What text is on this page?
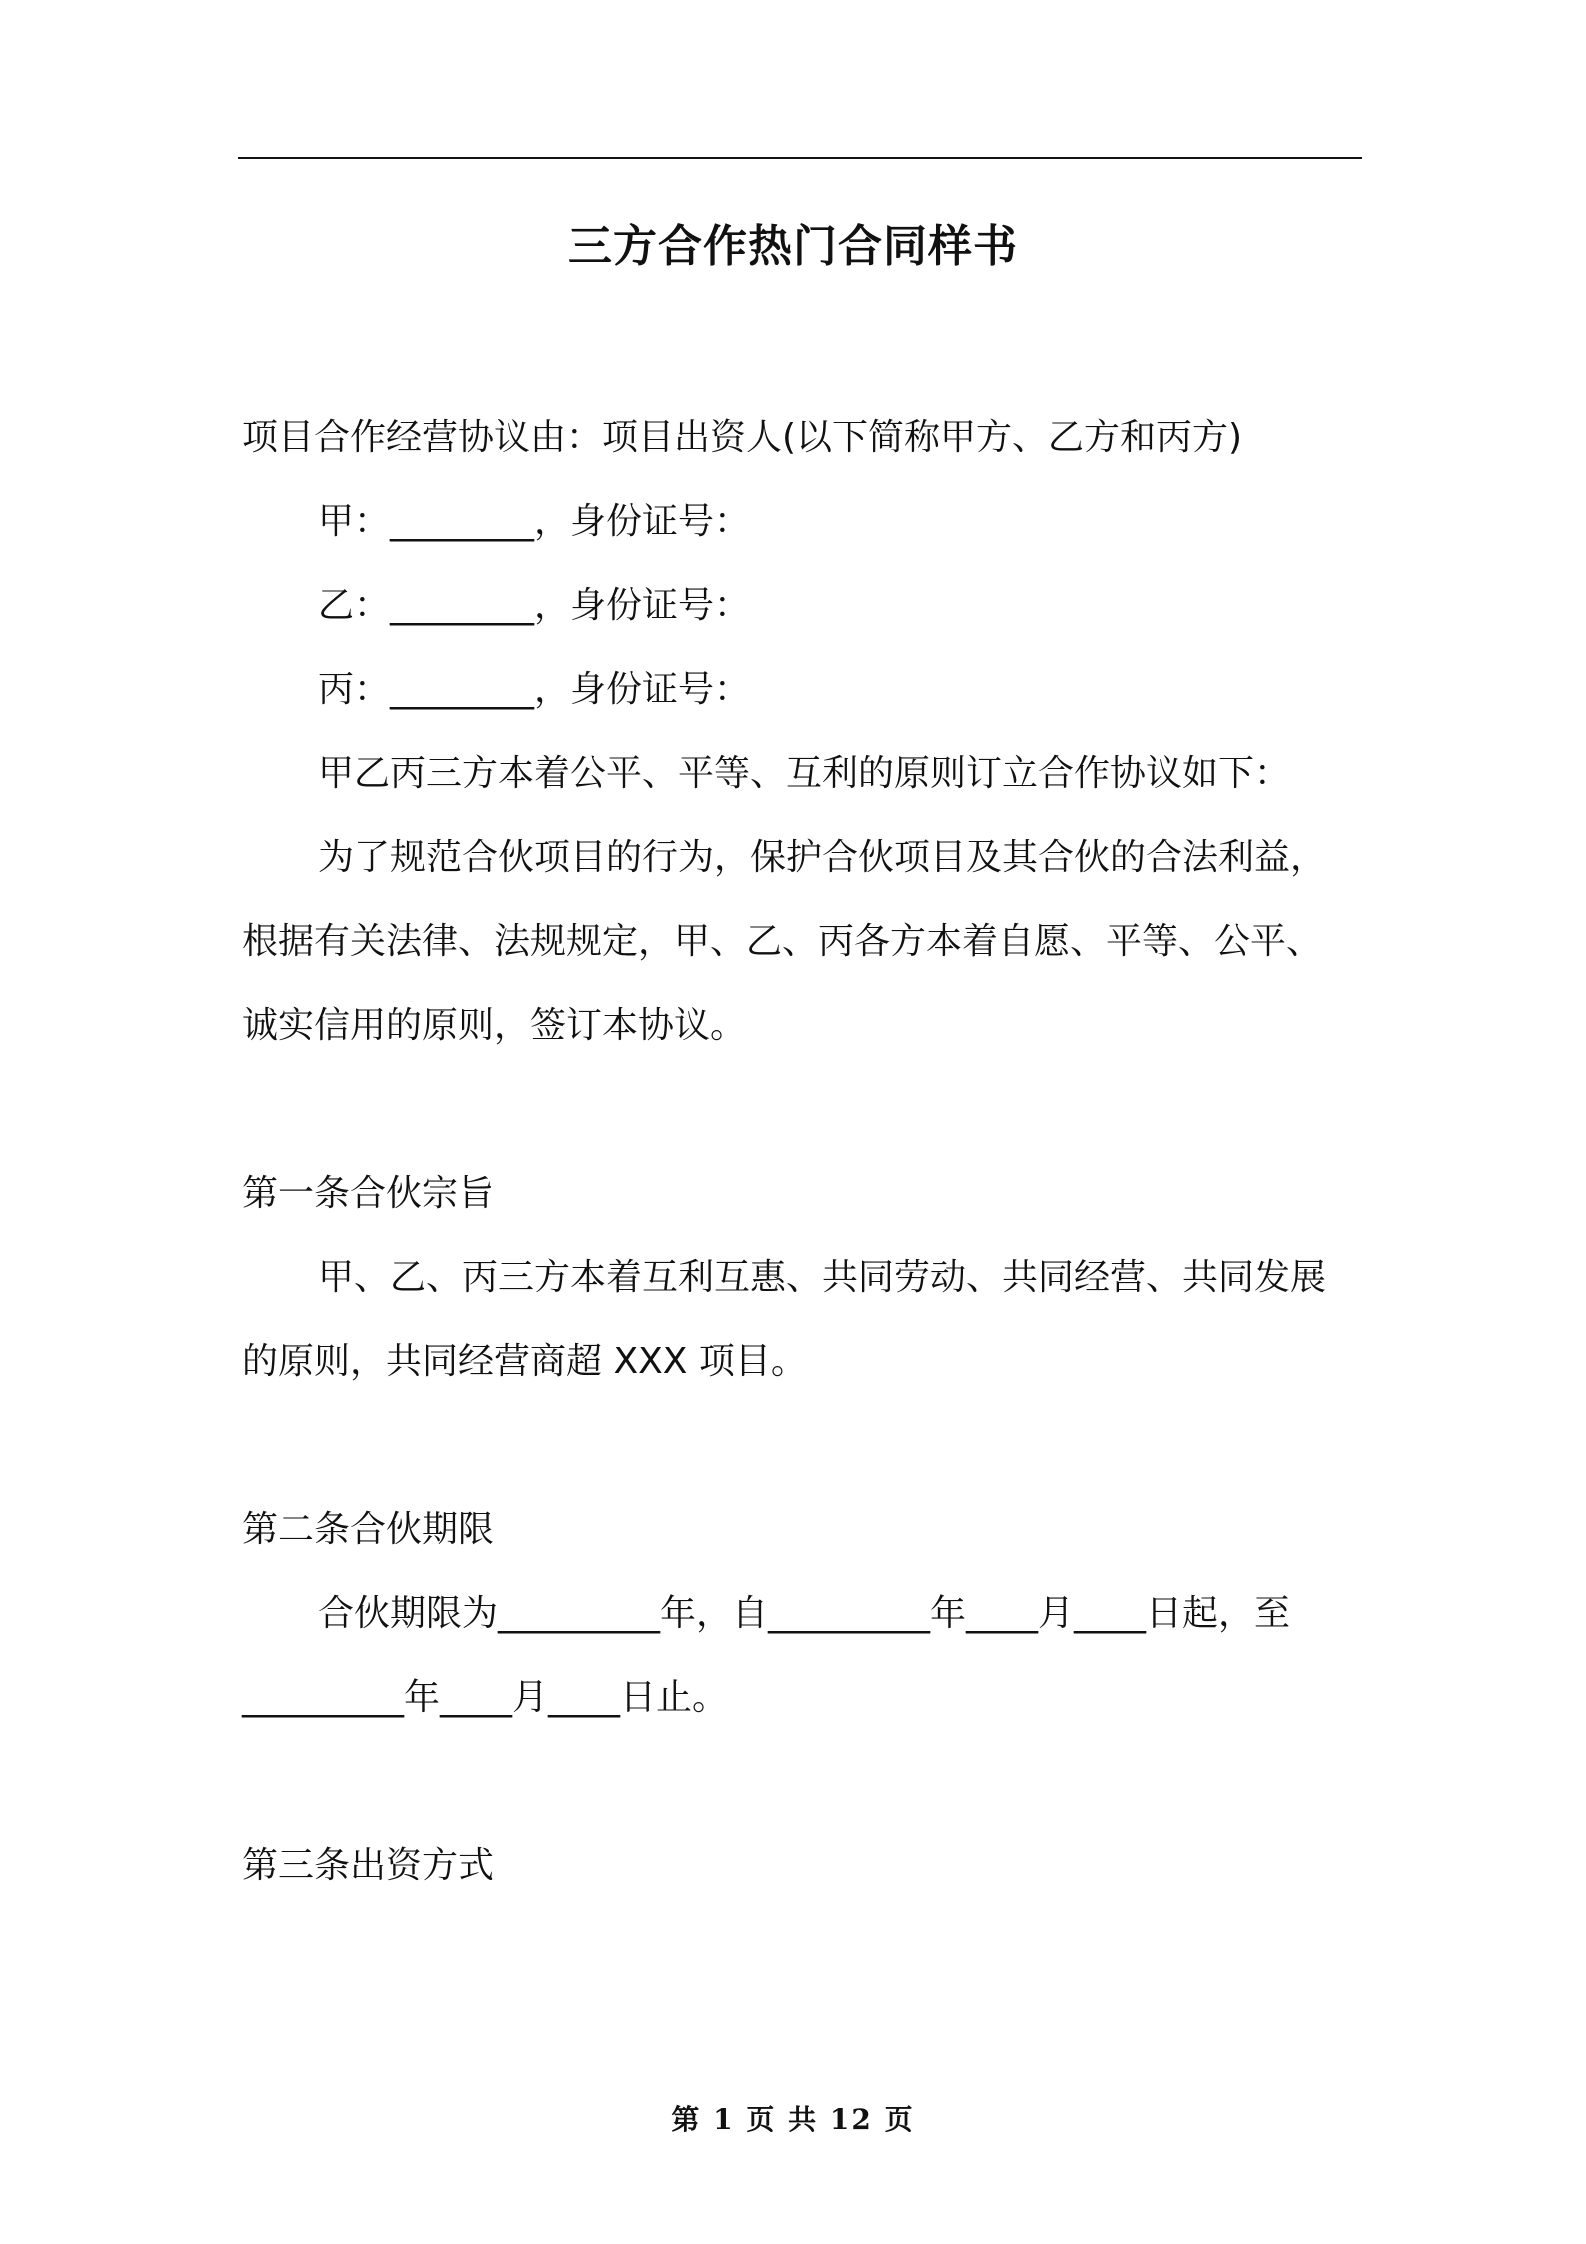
三方合作热门合同样书
项目合作经营协议由：项目出资人(以下简称甲方、乙方和丙方)
甲：________，身份证号：
乙：________，身份证号：
丙：________，身份证号：
甲乙丙三方本着公平、平等、互利的原则订立合作协议如下：
为了规范合伙项目的行为，保护合伙项目及其合伙的合法利益，
根据有关法律、法规规定，甲、乙、丙各方本着自愿、平等、公平、
诚实信用的原则，签订本协议。
第一条合伙宗旨
甲、乙、丙三方本着互利互惠、共同劳动、共同经营、共同发展
的原则，共同经营商超 XXX 项目。
第二条合伙期限
合伙期限为_________年，自_________年____月____日起，至
_________年____月____日止。
第三条出资方式
第 1 页 共 12 页
